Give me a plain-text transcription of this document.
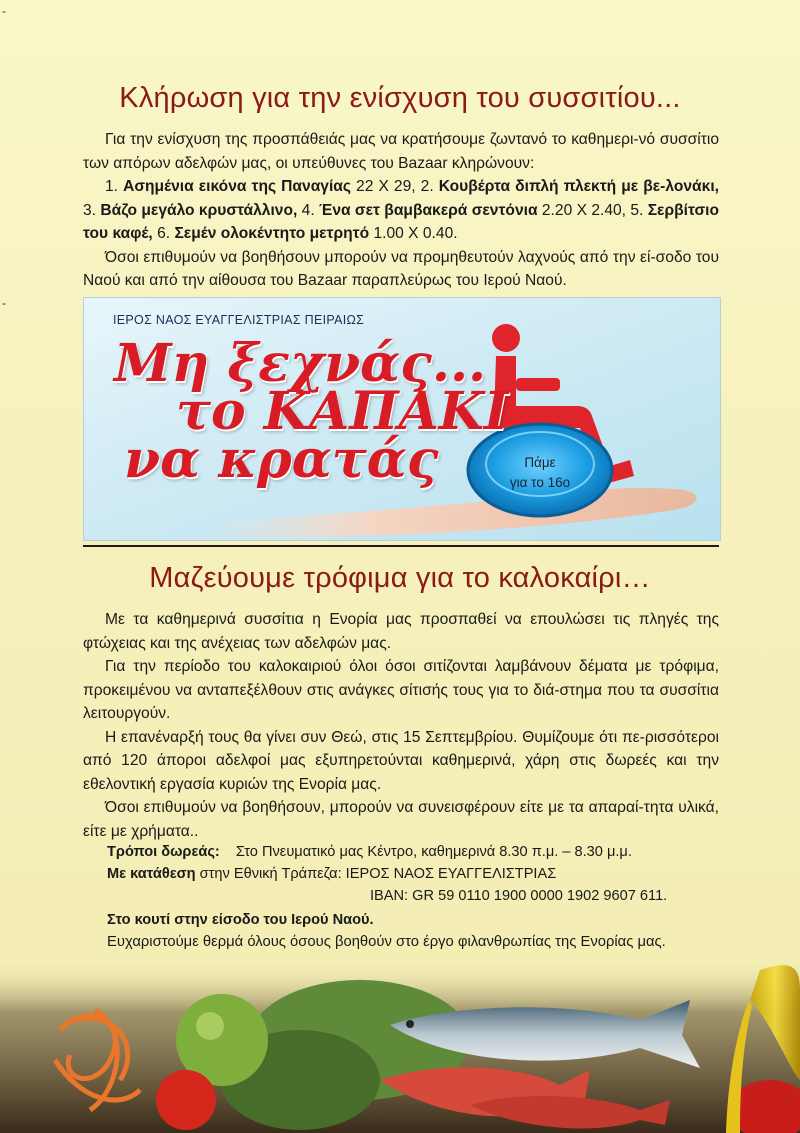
-
-
Κλήρωση για την ενίσχυση του συσσιτίου...

Για την ενίσχυση της προσπάθειάς μας να κρατήσουμε ζωντανό το καθημερι-νό συσσίτιο των απόρων αδελφών μας, οι υπεύθυνες του Bazaar κληρώνουν:

1. Ασημένια εικόνα της Παναγίας 22 Χ 29, 2. Κουβέρτα διπλή πλεκτή με βε-λονάκι, 3. Βάζο μεγάλο κρυστάλλινο, 4. Ένα σετ βαμβακερά σεντόνια 2.20 Χ 2.40, 5. Σερβίτσιο του καφέ, 6. Σεμέν ολοκέντητο μετρητό 1.00 Χ 0.40.

Όσοι επιθυμούν να βοηθήσουν μπορούν να προμηθευτούν λαχνούς από την εί-σοδο του Ναού και από την αίθουσα του Bazaar παραπλεύρως του Ιερού Ναού.

ΙΕΡΟΣ ΝΑΟΣ ΕΥΑΓΓΕΛΙΣΤΡΙΑΣ ΠΕΙΡΑΙΩΣ
Μη ξεχνάς...
το ΚΑΠΑΚΙ
να κρατάς	Πάμε
για το 16ο
Μαζεύουμε τρόφιμα για το καλοκαίρι…

Με τα καθημερινά συσσίτια η Ενορία μας προσπαθεί να επουλώσει τις πληγές της φτώχειας και της ανέχειας των αδελφών μας.

Για την περίοδο του καλοκαιριού όλοι όσοι σιτίζονται λαμβάνουν δέματα με τρόφιμα, προκειμένου να ανταπεξέλθουν στις ανάγκες σίτισής τους για το διά-στημα που τα συσσίτια λειτουργούν.

Η επανέναρξή τους θα γίνει συν Θεώ, στις 15 Σεπτεμβρίου. Θυμίζουμε ότι πε-ρισσότεροι από 120 άποροι αδελφοί μας εξυπηρετούνται καθημερινά, χάρη στις δωρεές και την εθελοντική εργασία κυριών της Ενορία μας.

Όσοι επιθυμούν να βοηθήσουν, μπορούν να συνεισφέρουν είτε με τα απαραί-τητα υλικά, είτε με χρήματα..

Τρόποι δωρεάς: Στο Πνευματικό μας Κέντρο, καθημερινά 8.30 π.μ. – 8.30 μ.μ.
Με κατάθεση στην Εθνική Τράπεζα: ΙΕΡΟΣ ΝΑΟΣ ΕΥΑΓΓΕΛΙΣΤΡΙΑΣ
IBAN: GR 59 0110 1900 0000 1902 9607 611.
Στο κουτί στην είσοδο του Ιερού Ναού.
Ευχαριστούμε θερμά όλους όσους βοηθούν στο έργο φιλανθρωπίας της Ενορίας μας.
